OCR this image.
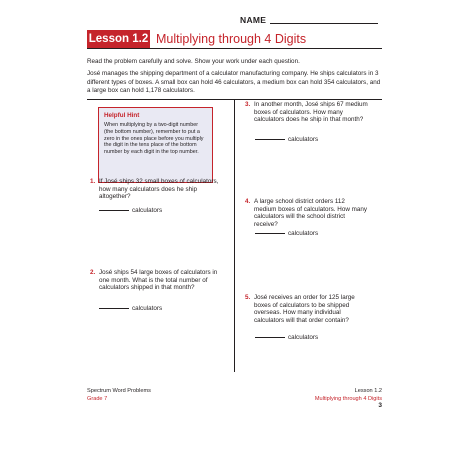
NAME
Lesson 1.2 Multiplying through 4 Digits
Read the problem carefully and solve. Show your work under each question.
José manages the shipping department of a calculator manufacturing company. He ships calculators in 3 different types of boxes. A small box can hold 46 calculators, a medium box can hold 354 calculators, and a large box can hold 1,178 calculators.
Helpful Hint
When multiplying by a two-digit number (the bottom number), remember to put a zero in the ones place before you multiply the digit in the tens place of the bottom number by each digit in the top number.
1. If José ships 32 small boxes of calculators, how many calculators does he ship altogether?
calculators
2. José ships 54 large boxes of calculators in one month. What is the total number of calculators shipped in that month?
calculators
3. In another month, José ships 67 medium boxes of calculators. How many calculators does he ship in that month?
calculators
4. A large school district orders 112 medium boxes of calculators. How many calculators will the school district receive?
calculators
5. José receives an order for 125 large boxes of calculators to be shipped overseas. How many individual calculators will that order contain?
calculators
Spectrum Word Problems
Grade 7
Lesson 1.2
Multiplying through 4 Digits
3
